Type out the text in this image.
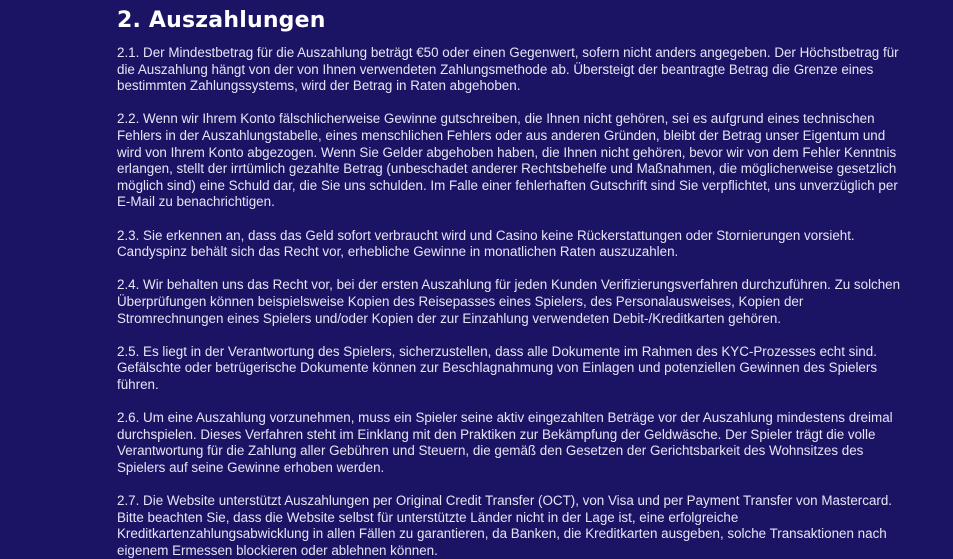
2. Auszahlungen

2.1. Der Mindestbetrag für die Auszahlung beträgt €50 oder einen Gegenwert, sofern nicht anders angegeben. Der Höchstbetrag für die Auszahlung hängt von der von Ihnen verwendeten Zahlungsmethode ab. Übersteigt der beantragte Betrag die Grenze eines bestimmten Zahlungssystems, wird der Betrag in Raten abgehoben.

2.2. Wenn wir Ihrem Konto fälschlicherweise Gewinne gutschreiben, die Ihnen nicht gehören, sei es aufgrund eines technischen Fehlers in der Auszahlungstabelle, eines menschlichen Fehlers oder aus anderen Gründen, bleibt der Betrag unser Eigentum und wird von Ihrem Konto abgezogen. Wenn Sie Gelder abgehoben haben, die Ihnen nicht gehören, bevor wir von dem Fehler Kenntnis erlangen, stellt der irrtümlich gezahlte Betrag (unbeschadet anderer Rechtsbehelfe und Maßnahmen, die möglicherweise gesetzlich möglich sind) eine Schuld dar, die Sie uns schulden. Im Falle einer fehlerhaften Gutschrift sind Sie verpflichtet, uns unverzüglich per E-Mail zu benachrichtigen.

2.3. Sie erkennen an, dass das Geld sofort verbraucht wird und Casino keine Rückerstattungen oder Stornierungen vorsieht. Candyspinz behält sich das Recht vor, erhebliche Gewinne in monatlichen Raten auszuzahlen.

2.4. Wir behalten uns das Recht vor, bei der ersten Auszahlung für jeden Kunden Verifizierungsverfahren durchzuführen. Zu solchen Überprüfungen können beispielsweise Kopien des Reisepasses eines Spielers, des Personalausweises, Kopien der Stromrechnungen eines Spielers und/oder Kopien der zur Einzahlung verwendeten Debit-/Kreditkarten gehören.

2.5. Es liegt in der Verantwortung des Spielers, sicherzustellen, dass alle Dokumente im Rahmen des KYC-Prozesses echt sind. Gefälschte oder betrügerische Dokumente können zur Beschlagnahmung von Einlagen und potenziellen Gewinnen des Spielers führen.

2.6. Um eine Auszahlung vorzunehmen, muss ein Spieler seine aktiv eingezahlten Beträge vor der Auszahlung mindestens dreimal durchspielen. Dieses Verfahren steht im Einklang mit den Praktiken zur Bekämpfung der Geldwäsche. Der Spieler trägt die volle Verantwortung für die Zahlung aller Gebühren und Steuern, die gemäß den Gesetzen der Gerichtsbarkeit des Wohnsitzes des Spielers auf seine Gewinne erhoben werden.

2.7. Die Website unterstützt Auszahlungen per Original Credit Transfer (OCT), von Visa und per Payment Transfer von Mastercard. Bitte beachten Sie, dass die Website selbst für unterstützte Länder nicht in der Lage ist, eine erfolgreiche Kreditkartenzahlungsabwicklung in allen Fällen zu garantieren, da Banken, die Kreditkarten ausgeben, solche Transaktionen nach eigenem Ermessen blockieren oder ablehnen können.
